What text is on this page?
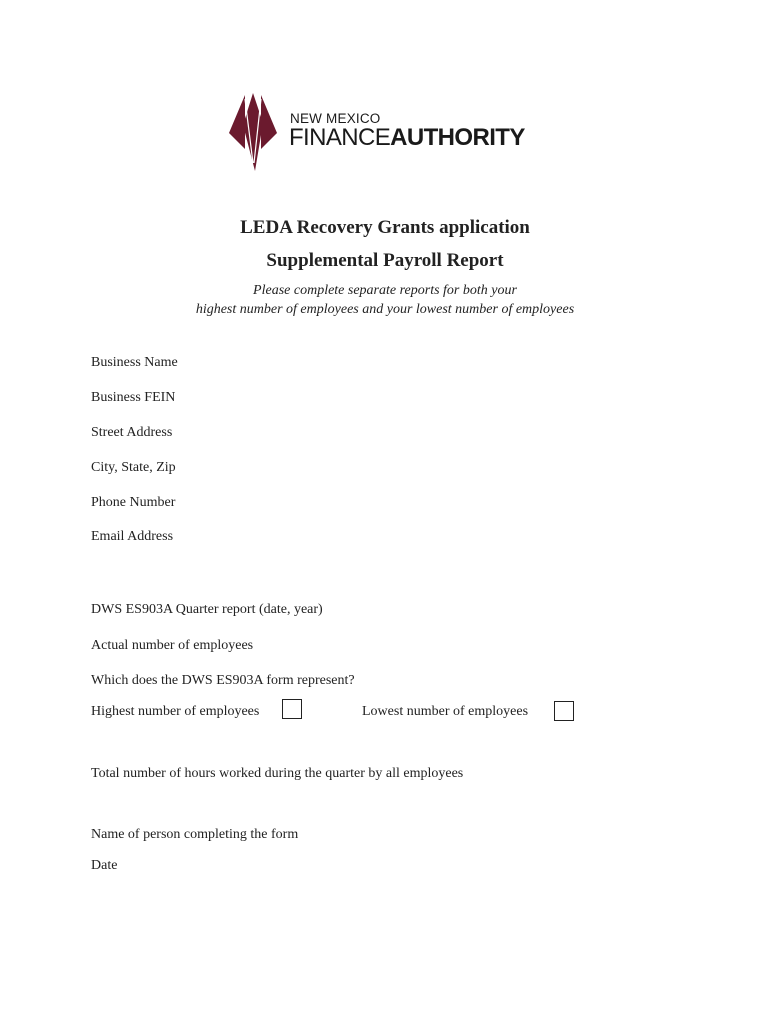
NEW MEXICO
FINANCEAUTHORITY
LEDA Recovery Grants application
Supplemental Payroll Report
Please complete separate reports for both your
highest number of employees and your lowest number of employees
Business Name
Business FEIN
Street Address
City, State, Zip
Phone Number
Email Address
DWS ES903A Quarter report (date, year)
Actual number of employees
Which does the DWS ES903A form represent?
Highest number of employees	Lowest number of employees
Total number of hours worked during the quarter by all employees
Name of person completing the form
Date
